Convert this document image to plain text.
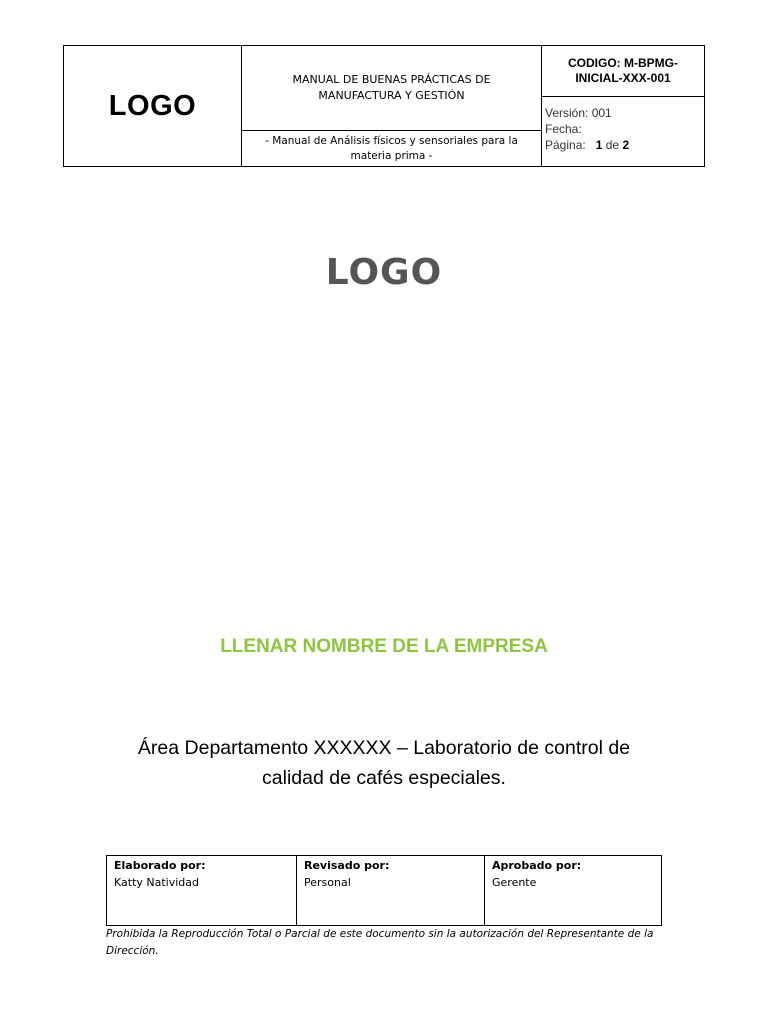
LOGO
MANUAL DE BUENAS PRÁCTICAS DE MANUFACTURA Y GESTIÓN
- Manual de Análisis físicos y sensoriales para la materia prima -
CODIGO: M-BPMG-INICIAL-XXX-001
Versión: 001
Fecha:
Página: 1 de 2
LOGO
LLENAR NOMBRE DE LA EMPRESA
Área Departamento XXXXXX – Laboratorio de control de calidad de cafés especiales.
Elaborado por:
Katty Natividad
Revisado por:
Personal
Aprobado por:
Gerente
Prohibida la Reproducción Total o Parcial de este documento sin la autorización del Representante de la Dirección.
